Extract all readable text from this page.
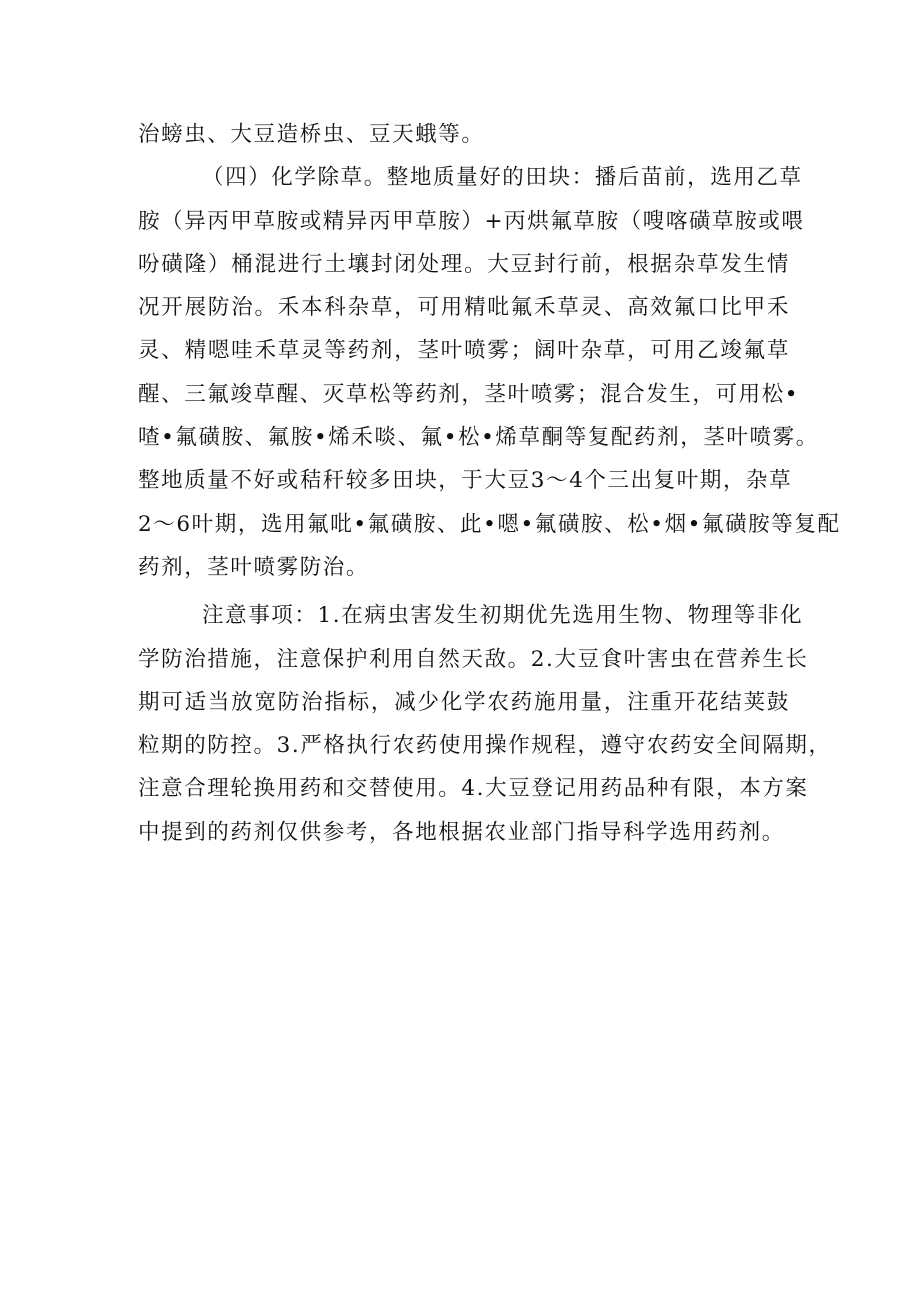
治螃虫、大豆造桥虫、豆天蛾等。
（四）化学除草。整地质量好的田块：播后苗前，选用乙草
胺（异丙甲草胺或精异丙甲草胺）+丙烘氟草胺（嗖喀磺草胺或喂
吩磺隆）桶混进行土壤封闭处理。大豆封行前，根据杂草发生情
况开展防治。禾本科杂草，可用精吡氟禾草灵、高效氟口比甲禾
灵、精嗯哇禾草灵等药剂，茎叶喷雾；阔叶杂草，可用乙竣氟草
醒、三氟竣草醒、灭草松等药剂，茎叶喷雾；混合发生，可用松•
喳•氟磺胺、氟胺•烯禾啖、氟•松•烯草酮等复配药剂，茎叶喷雾。
整地质量不好或秸秆较多田块，于大豆3〜4个三出复叶期，杂草
2〜6叶期，选用氟吡•氟磺胺、此•嗯•氟磺胺、松•烟•氟磺胺等复配
药剂，茎叶喷雾防治。
注意事项：1.在病虫害发生初期优先选用生物、物理等非化
学防治措施，注意保护利用自然天敌。2.大豆食叶害虫在营养生长
期可适当放宽防治指标，减少化学农药施用量，注重开花结荚鼓
粒期的防控。3.严格执行农药使用操作规程，遵守农药安全间隔期，
注意合理轮换用药和交替使用。4.大豆登记用药品种有限，本方案
中提到的药剂仅供参考，各地根据农业部门指导科学选用药剂。
